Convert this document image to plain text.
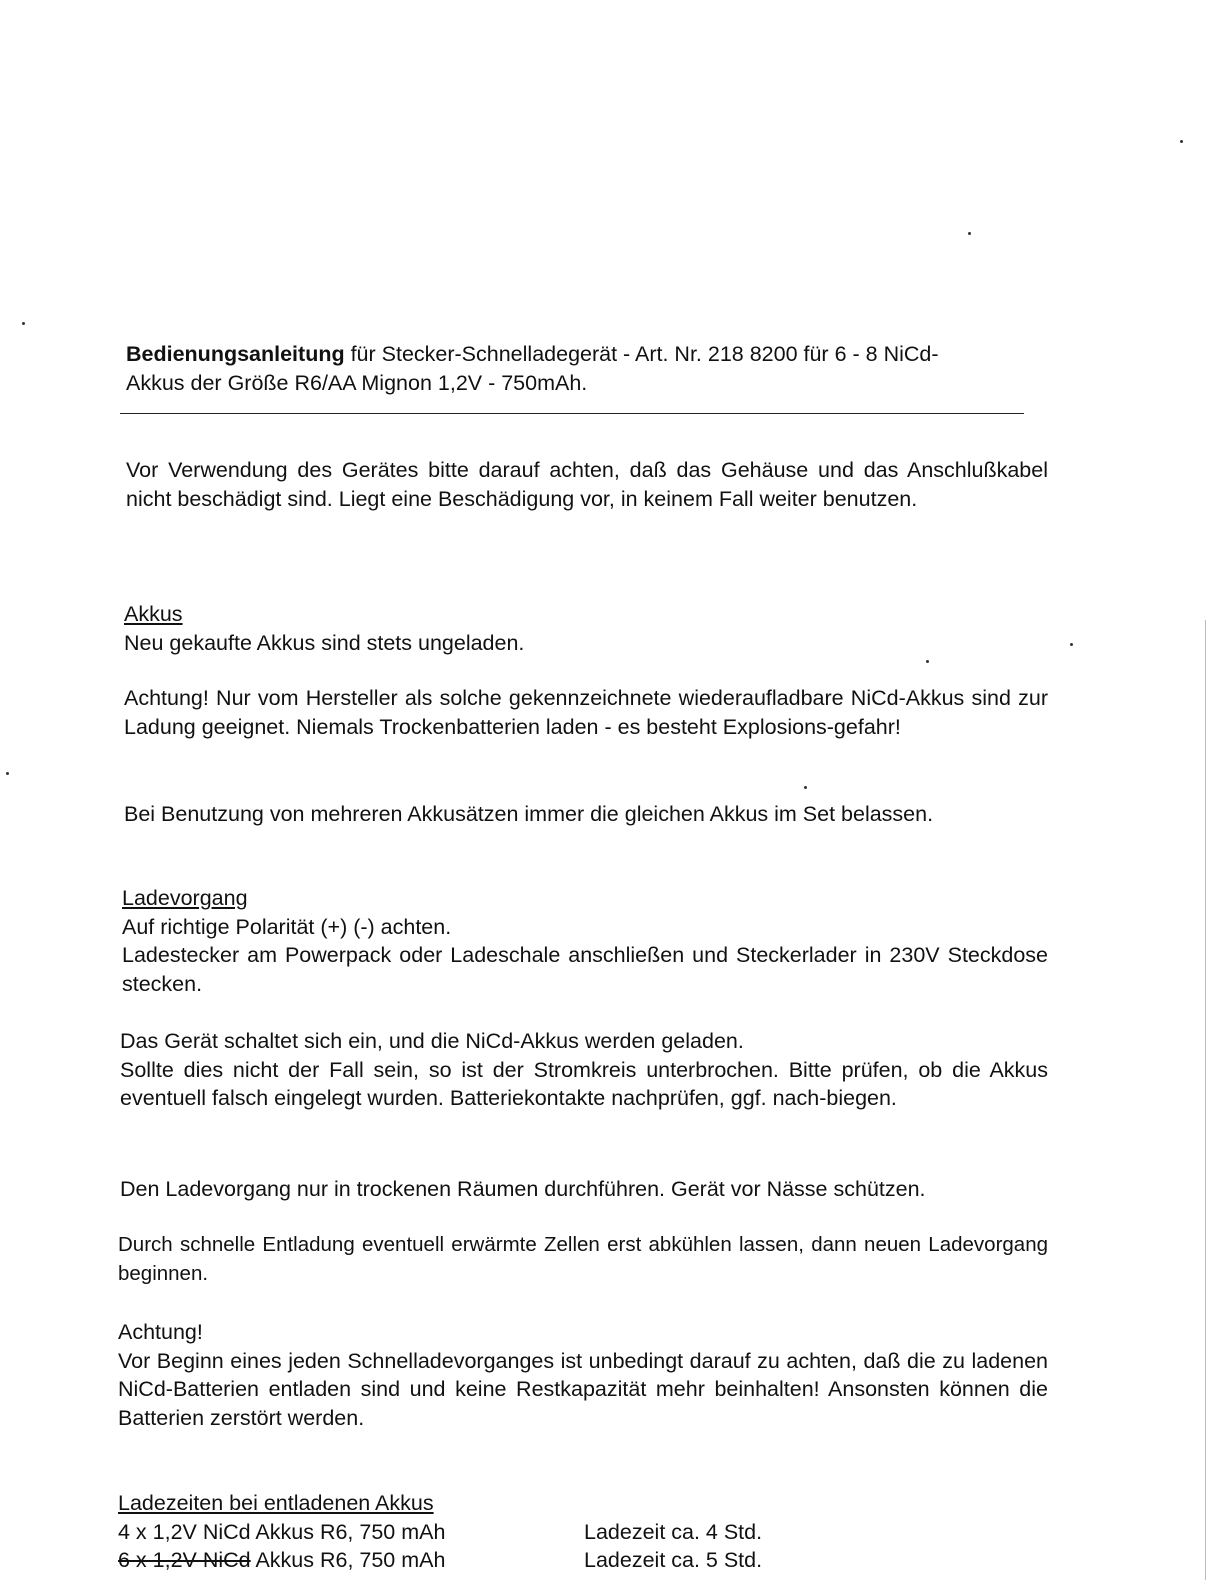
Bedienungsanleitung für Stecker-Schnelladegerät - Art. Nr. 218 8200 für 6 - 8 NiCd-
Akkus der Größe R6/AA Mignon 1,2V - 750mAh.
Vor Verwendung des Gerätes bitte darauf achten, daß das Gehäuse und das Anschlußkabel nicht beschädigt sind. Liegt eine Beschädigung vor, in keinem Fall weiter benutzen.
Akkus
Neu gekaufte Akkus sind stets ungeladen.
Achtung! Nur vom Hersteller als solche gekennzeichnete wiederaufladbare NiCd-Akkus sind zur Ladung geeignet. Niemals Trockenbatterien laden - es besteht Explosions-gefahr!
Bei Benutzung von mehreren Akkusätzen immer die gleichen Akkus im Set belassen.
Ladevorgang
Auf richtige Polarität (+) (-) achten.
Ladestecker am Powerpack oder Ladeschale anschließen und Steckerlader in 230V Steckdose stecken.
Das Gerät schaltet sich ein, und die NiCd-Akkus werden geladen.
Sollte dies nicht der Fall sein, so ist der Stromkreis unterbrochen. Bitte prüfen, ob die Akkus eventuell falsch eingelegt wurden. Batteriekontakte nachprüfen, ggf. nach-biegen.
Den Ladevorgang nur in trockenen Räumen durchführen. Gerät vor Nässe schützen.
Durch schnelle Entladung eventuell erwärmte Zellen erst abkühlen lassen, dann neuen Ladevorgang beginnen.
Achtung!
Vor Beginn eines jeden Schnelladevorganges ist unbedingt darauf zu achten, daß die zu ladenen NiCd-Batterien entladen sind und keine Restkapazität mehr beinhalten! Ansonsten können die Batterien zerstört werden.
Ladezeiten bei entladenen Akkus
4 x 1,2V NiCd Akkus R6, 750 mAh	Ladezeit ca. 4 Std.
6 x 1,2V NiCd Akkus R6, 750 mAh	Ladezeit ca. 5 Std.
